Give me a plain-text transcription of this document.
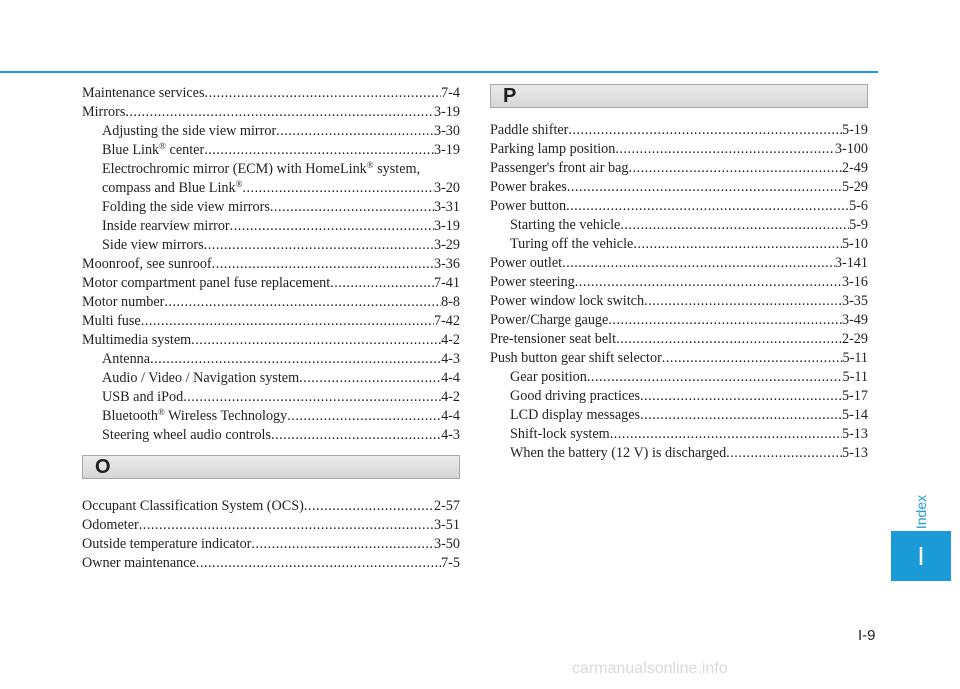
Maintenance services .....	7-4
Mirrors .....	3-19
Adjusting the side view mirror .....	3-30
Blue Link® center .....	3-19
Electrochromic mirror (ECM) with HomeLink® system,
compass and Blue Link® .....	3-20
Folding the side view mirrors .....	3-31
Inside rearview mirror .....	3-19
Side view mirrors .....	3-29
Moonroof, see sunroof .....	3-36
Motor compartment panel fuse replacement .....	7-41
Motor number .....	8-8
Multi fuse .....	7-42
Multimedia system .....	4-2
Antenna .....	4-3
Audio / Video / Navigation system .....	4-4
USB and iPod .....	4-2
Bluetooth® Wireless Technology .....	4-4
Steering wheel audio controls .....	4-3
O
Occupant Classification System (OCS) .....	2-57
Odometer .....	3-51
Outside temperature indicator .....	3-50
Owner maintenance .....	7-5
P
Paddle shifter .....	5-19
Parking lamp position .....	3-100
Passenger's front air bag .....	2-49
Power brakes .....	5-29
Power button .....	5-6
Starting the vehicle .....	5-9
Turing off the vehicle .....	5-10
Power outlet .....	3-141
Power steering .....	3-16
Power window lock switch .....	3-35
Power/Charge gauge .....	3-49
Pre-tensioner seat belt .....	2-29
Push button gear shift selector .....	5-11
Gear position .....	5-11
Good driving practices .....	5-17
LCD display messages .....	5-14
Shift-lock system .....	5-13
When the battery (12 V) is discharged .....	5-13
Index
I
I-9
carmanualsonline.info
